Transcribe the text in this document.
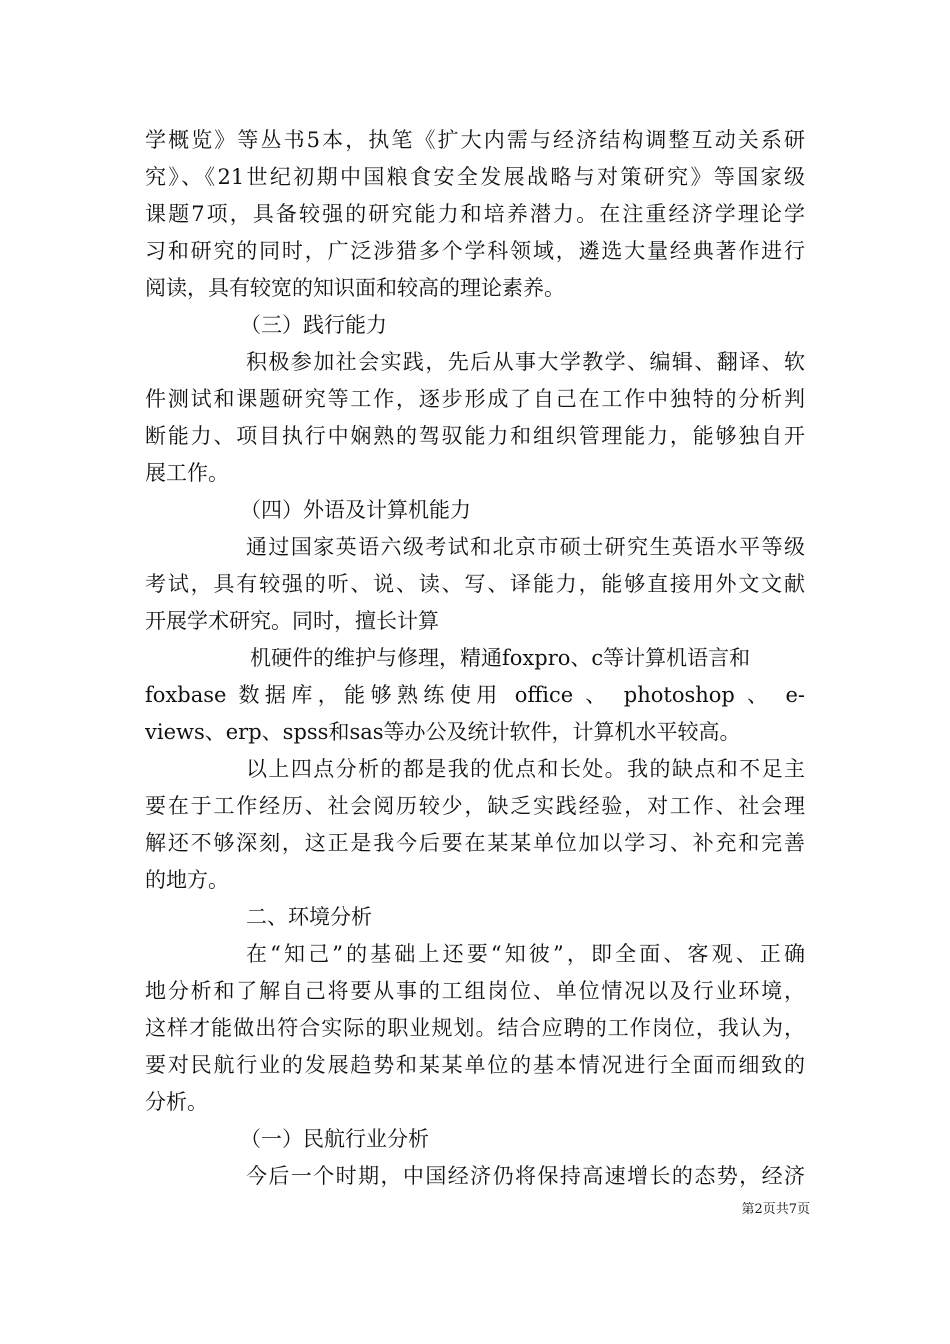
学概览》等丛书5本，执笔《扩大内需与经济结构调整互动关系研
究》、《21世纪初期中国粮食安全发展战略与对策研究》等国家级
课题7项，具备较强的研究能力和培养潜力。在注重经济学理论学
习和研究的同时，广泛涉猎多个学科领域，遴选大量经典著作进行
阅读，具有较宽的知识面和较高的理论素养。
（三）践行能力
积极参加社会实践，先后从事大学教学、编辑、翻译、软
件测试和课题研究等工作，逐步形成了自己在工作中独特的分析判
断能力、项目执行中娴熟的驾驭能力和组织管理能力，能够独自开
展工作。
（四）外语及计算机能力
通过国家英语六级考试和北京市硕士研究生英语水平等级
考试，具有较强的听、说、读、写、译能力，能够直接用外文文献
开展学术研究。同时，擅长计算
机硬件的维护与修理，精通foxpro、c等计算机语言和
foxbase 数据库，能够熟练使用 office 、 photoshop 、 e-
views、erp、spss和sas等办公及统计软件，计算机水平较高。
以上四点分析的都是我的优点和长处。我的缺点和不足主
要在于工作经历、社会阅历较少，缺乏实践经验，对工作、社会理
解还不够深刻，这正是我今后要在某某单位加以学习、补充和完善
的地方。
二、环境分析
在“知己”的基础上还要“知彼”，即全面、客观、正确
地分析和了解自己将要从事的工组岗位、单位情况以及行业环境，
这样才能做出符合实际的职业规划。结合应聘的工作岗位，我认为，
要对民航行业的发展趋势和某某单位的基本情况进行全面而细致的
分析。
（一）民航行业分析
今后一个时期，中国经济仍将保持高速增长的态势，经济
第2页共7页
